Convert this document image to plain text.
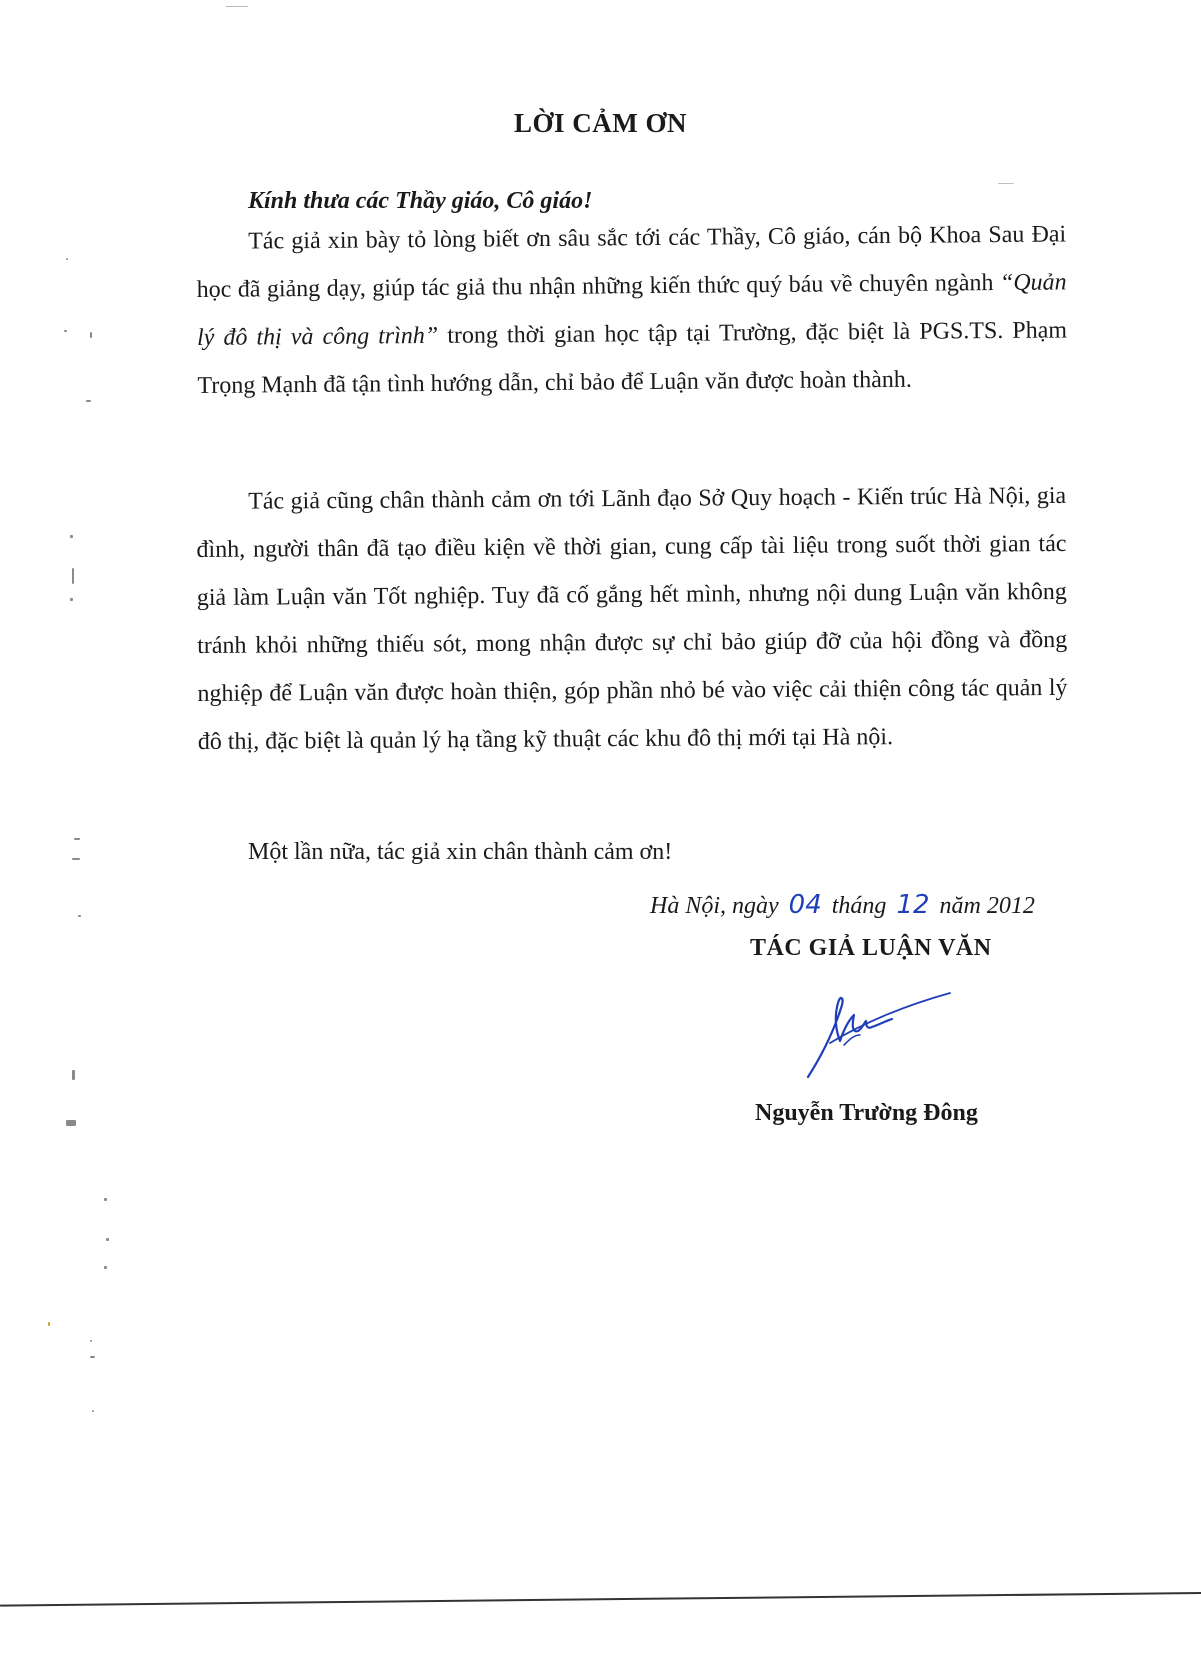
LỜI CẢM ƠN
Kính thưa các Thầy giáo, Cô giáo!
Tác giả xin bày tỏ lòng biết ơn sâu sắc tới các Thầy, Cô giáo, cán bộ Khoa Sau Đại học đã giảng dạy, giúp tác giả thu nhận những kiến thức quý báu về chuyên ngành “Quản lý đô thị và công trình” trong thời gian học tập tại Trường, đặc biệt là PGS.TS. Phạm Trọng Mạnh đã tận tình hướng dẫn, chỉ bảo để Luận văn được hoàn thành.
Tác giả cũng chân thành cảm ơn tới Lãnh đạo Sở Quy hoạch - Kiến trúc Hà Nội, gia đình, người thân đã tạo điều kiện về thời gian, cung cấp tài liệu trong suốt thời gian tác giả làm Luận văn Tốt nghiệp. Tuy đã cố gắng hết mình, nhưng nội dung Luận văn không tránh khỏi những thiếu sót, mong nhận được sự chỉ bảo giúp đỡ của hội đồng và đồng nghiệp để Luận văn được hoàn thiện, góp phần nhỏ bé vào việc cải thiện công tác quản lý đô thị, đặc biệt là quản lý hạ tầng kỹ thuật các khu đô thị mới tại Hà nội.
Một lần nữa, tác giả xin chân thành cảm ơn!
Hà Nội, ngày 04 tháng 12 năm 2012
TÁC GIẢ LUẬN VĂN
Nguyễn Trường Đông
